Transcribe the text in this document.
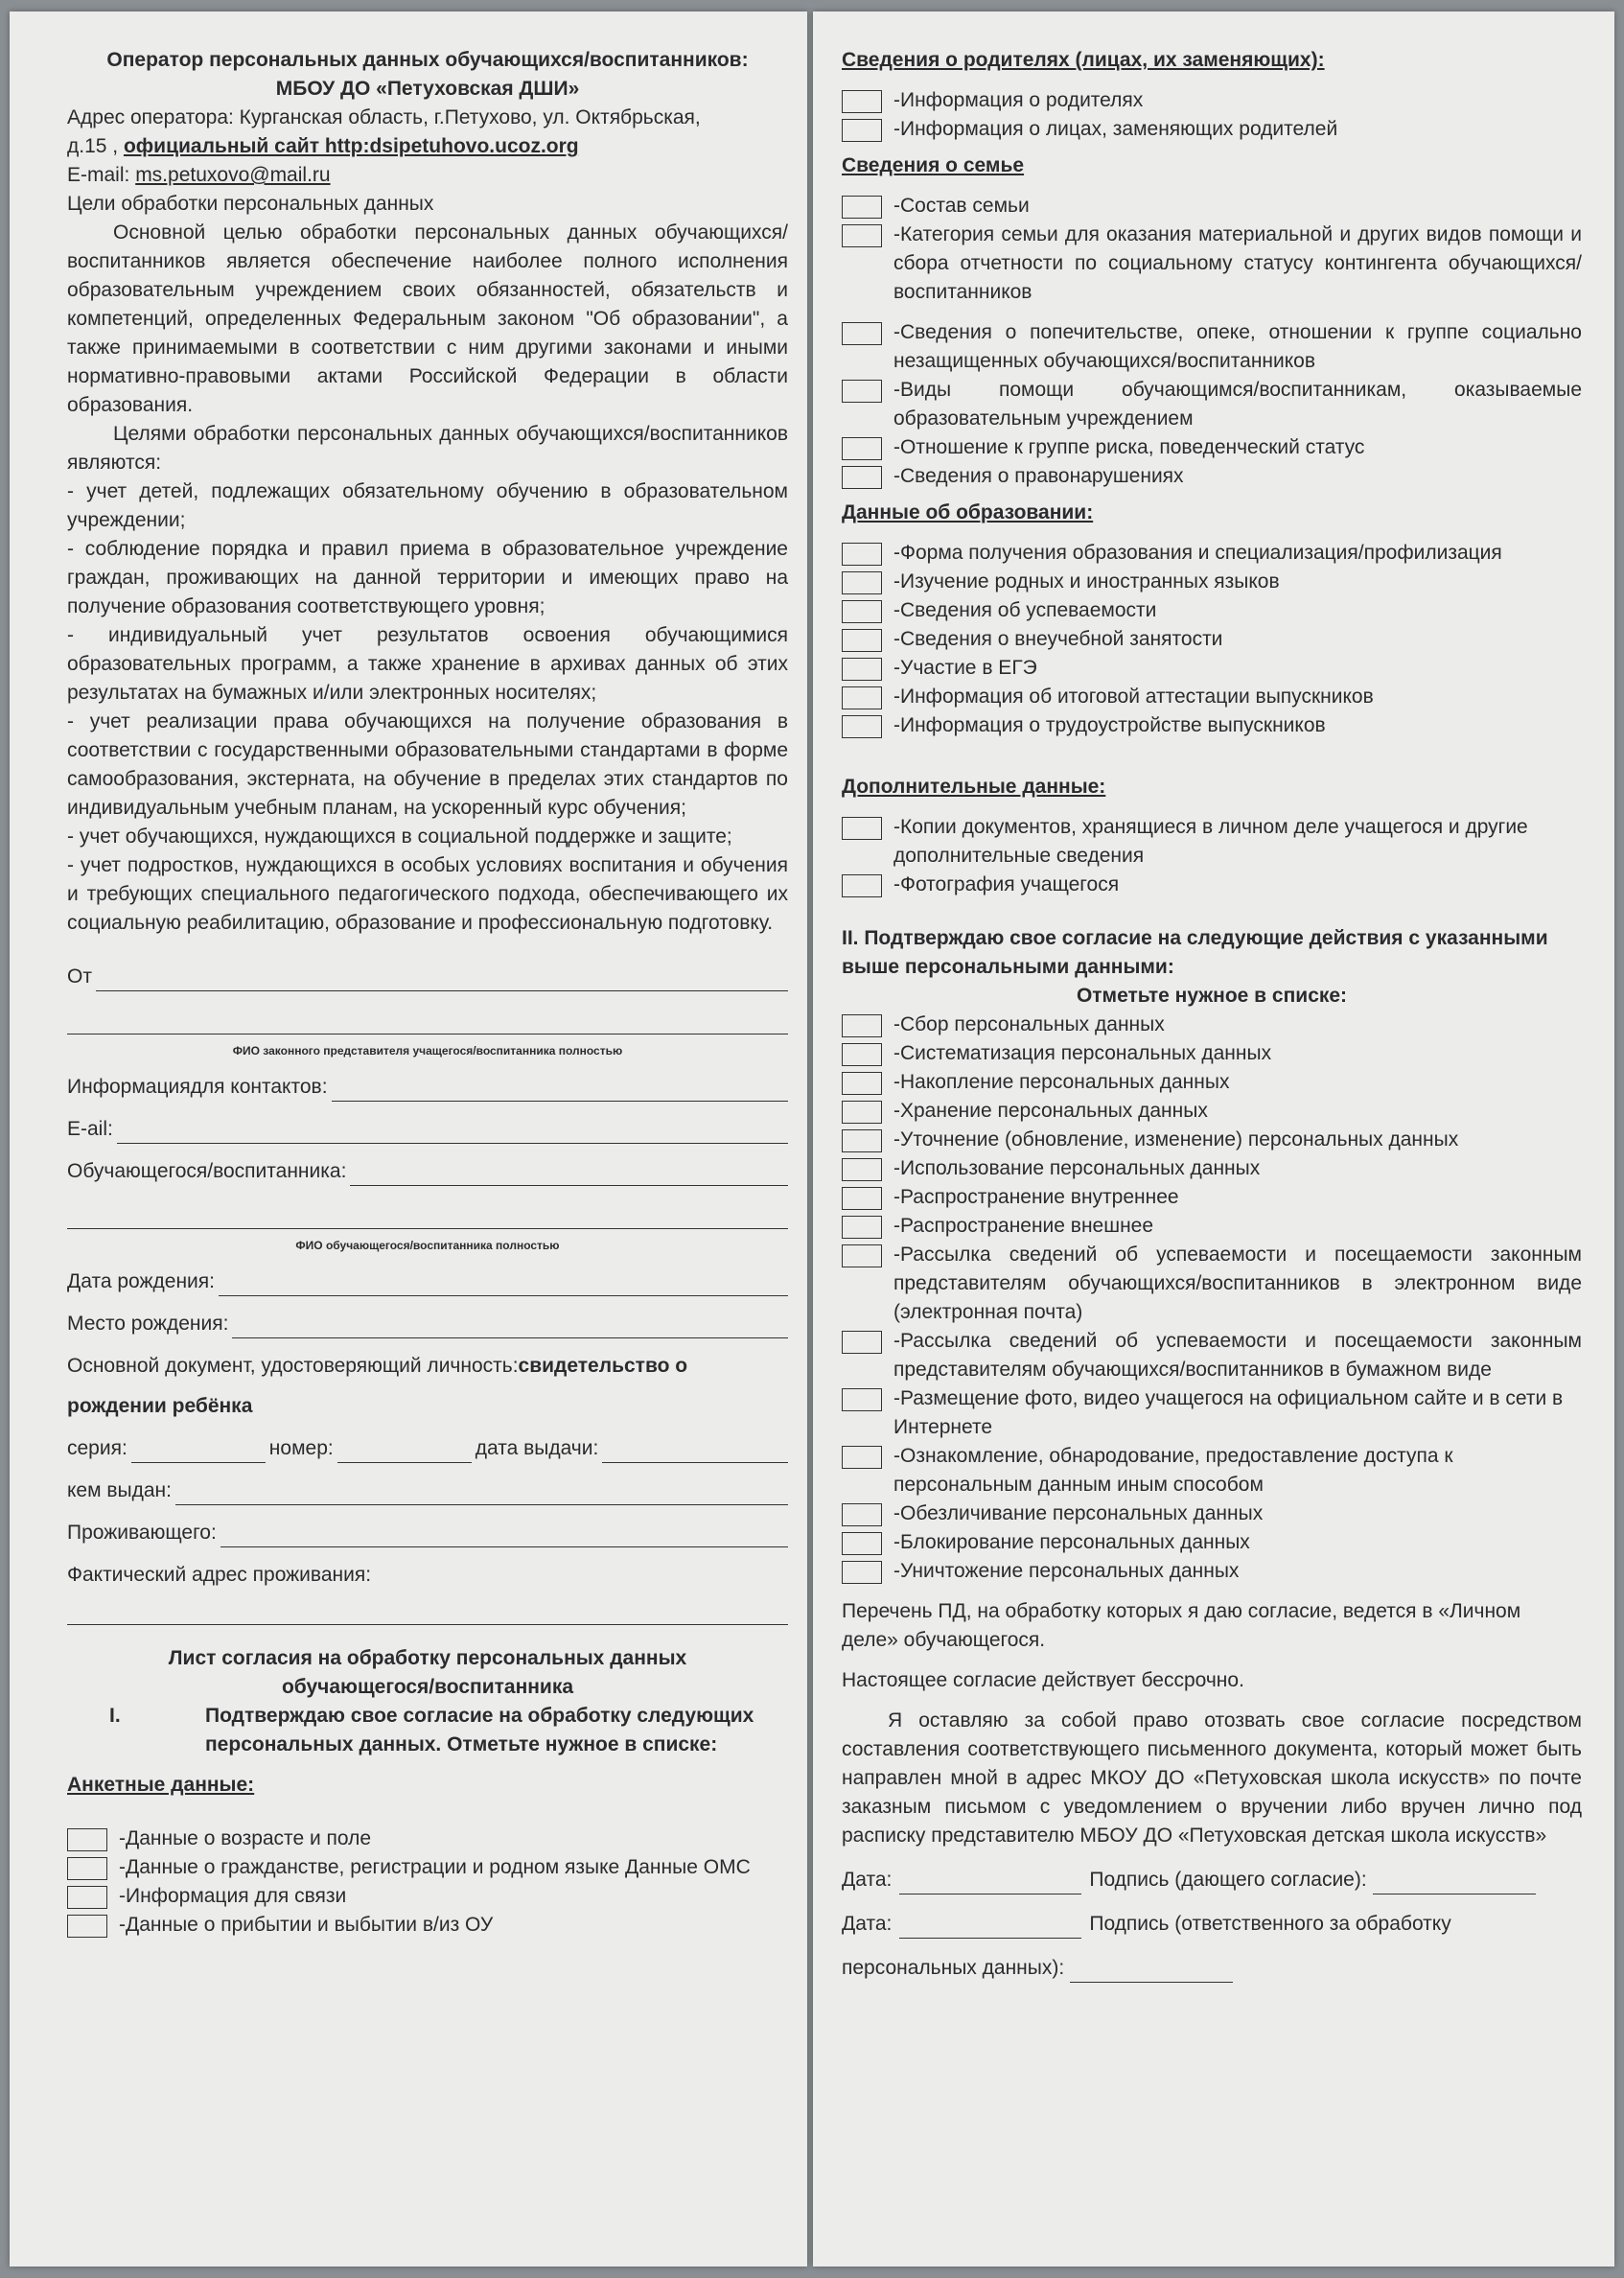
Оператор персональных данных обучающихся/воспитанников:

МБОУ ДО «Петуховская ДШИ»

Адрес оператора: Курганская область, г.Петухово, ул. Октябрьская,

д.15 , официальный сайт http:dsipetuhovo.ucoz.org

E-mail: ms.petuxovo@mail.ru

Цели обработки персональных данных

Основной целью обработки персональных данных обучающихся/воспитанников является обеспечение наиболее полного исполнения образовательным учреждением своих обязанностей, обязательств и компетенций, определенных Федеральным законом "Об образовании", а также принимаемыми в соответствии с ним другими законами и иными нормативно-правовыми актами Российской Федерации в области образования.

Целями обработки персональных данных обучающихся/воспитанников являются:

- учет детей, подлежащих обязательному обучению в образовательном учреждении;

- соблюдение порядка и правил приема в образовательное учреждение граждан, проживающих на данной территории и имеющих право на получение образования соответствующего уровня;

- индивидуальный учет результатов освоения обучающимися образовательных программ, а также хранение в архивах данных об этих результатах на бумажных и/или электронных носителях;

- учет реализации права обучающихся на получение образования в соответствии с государственными образовательными стандартами в форме самообразования, экстерната, на обучение в пределах этих стандартов по индивидуальным учебным планам, на ускоренный курс обучения;

- учет обучающихся, нуждающихся в социальной поддержке и защите;

- учет подростков, нуждающихся в особых условиях воспитания и обучения и требующих специального педагогического подхода, обеспечивающего их социальную реабилитацию, образование и профессиональную подготовку.

От

ФИО законного представителя учащегося/воспитанника полностью

Информациядля контактов:
E-ail:
Обучающегося/воспитанника:

ФИО обучающегося/воспитанника полностью

Дата рождения:
Место рождения:

Основной документ, удостоверяющий личность:свидетельство о

рождении ребёнка

серия:	номер:	дата выдачи:
кем выдан:
Проживающего:

Фактический адрес проживания:

Лист согласия на обработку персональных данных

обучающегося/воспитанника

I.	Подтверждаю свое согласие на обработку следующих персональных данных. Отметьте нужное в списке:

Анкетные данные:

-Данные о возрасте и поле
-Данные о гражданстве, регистрации и родном языке Данные ОМС
-Информация для связи
-Данные о прибытии и выбытии в/из ОУ

Сведения о родителях (лицах, их заменяющих):

-Информация о родителях
-Информация о лицах, заменяющих родителей

Сведения о семье

-Состав семьи
-Категория семьи для оказания материальной и других видов помощи и сбора отчетности по социальному статусу контингента обучающихся/воспитанников
-Сведения о попечительстве, опеке, отношении к группе социально незащищенных обучающихся/воспитанников
-Виды помощи обучающимся/воспитанникам, оказываемые образовательным учреждением
-Отношение к группе риска, поведенческий статус
-Сведения о правонарушениях

Данные об образовании:

-Форма получения образования и специализация/профилизация
-Изучение родных и иностранных языков
-Сведения об успеваемости
-Сведения о внеучебной занятости
-Участие в ЕГЭ
-Информация об итоговой аттестации выпускников
-Информация о трудоустройстве выпускников

Дополнительные данные:

-Копии документов, хранящиеся в личном деле учащегося и другие дополнительные сведения
-Фотография учащегося

II. Подтверждаю свое согласие на следующие действия с указанными выше персональными данными:

Отметьте нужное в списке:

-Сбор персональных данных
-Систематизация персональных данных
-Накопление персональных данных
-Хранение персональных данных
-Уточнение (обновление, изменение) персональных данных
-Использование персональных данных
-Распространение внутреннее
-Распространение внешнее
-Рассылка сведений об успеваемости и посещаемости законным представителям обучающихся/воспитанников в электронном виде (электронная почта)
-Рассылка сведений об успеваемости и посещаемости законным представителям обучающихся/воспитанников в бумажном виде
-Размещение фото, видео учащегося на официальном сайте и в сети в Интернете
-Ознакомление, обнародование, предоставление доступа к персональным данным иным способом
-Обезличивание персональных данных
-Блокирование персональных данных
-Уничтожение персональных данных

Перечень ПД, на обработку которых я даю согласие, ведется в «Личном деле» обучающегося.

Настоящее согласие действует бессрочно.

Я оставляю за собой право отозвать свое согласие посредством составления соответствующего письменного документа, который может быть направлен мной в адрес МКОУ ДО «Петуховская школа искусств» по почте заказным письмом с уведомлением о вручении либо вручен лично под расписку представителю МБОУ ДО «Петуховская детская школа искусств»

Дата:	Подпись (дающего согласие):
Дата:	Подпись (ответственного за обработку
персональных данных):
